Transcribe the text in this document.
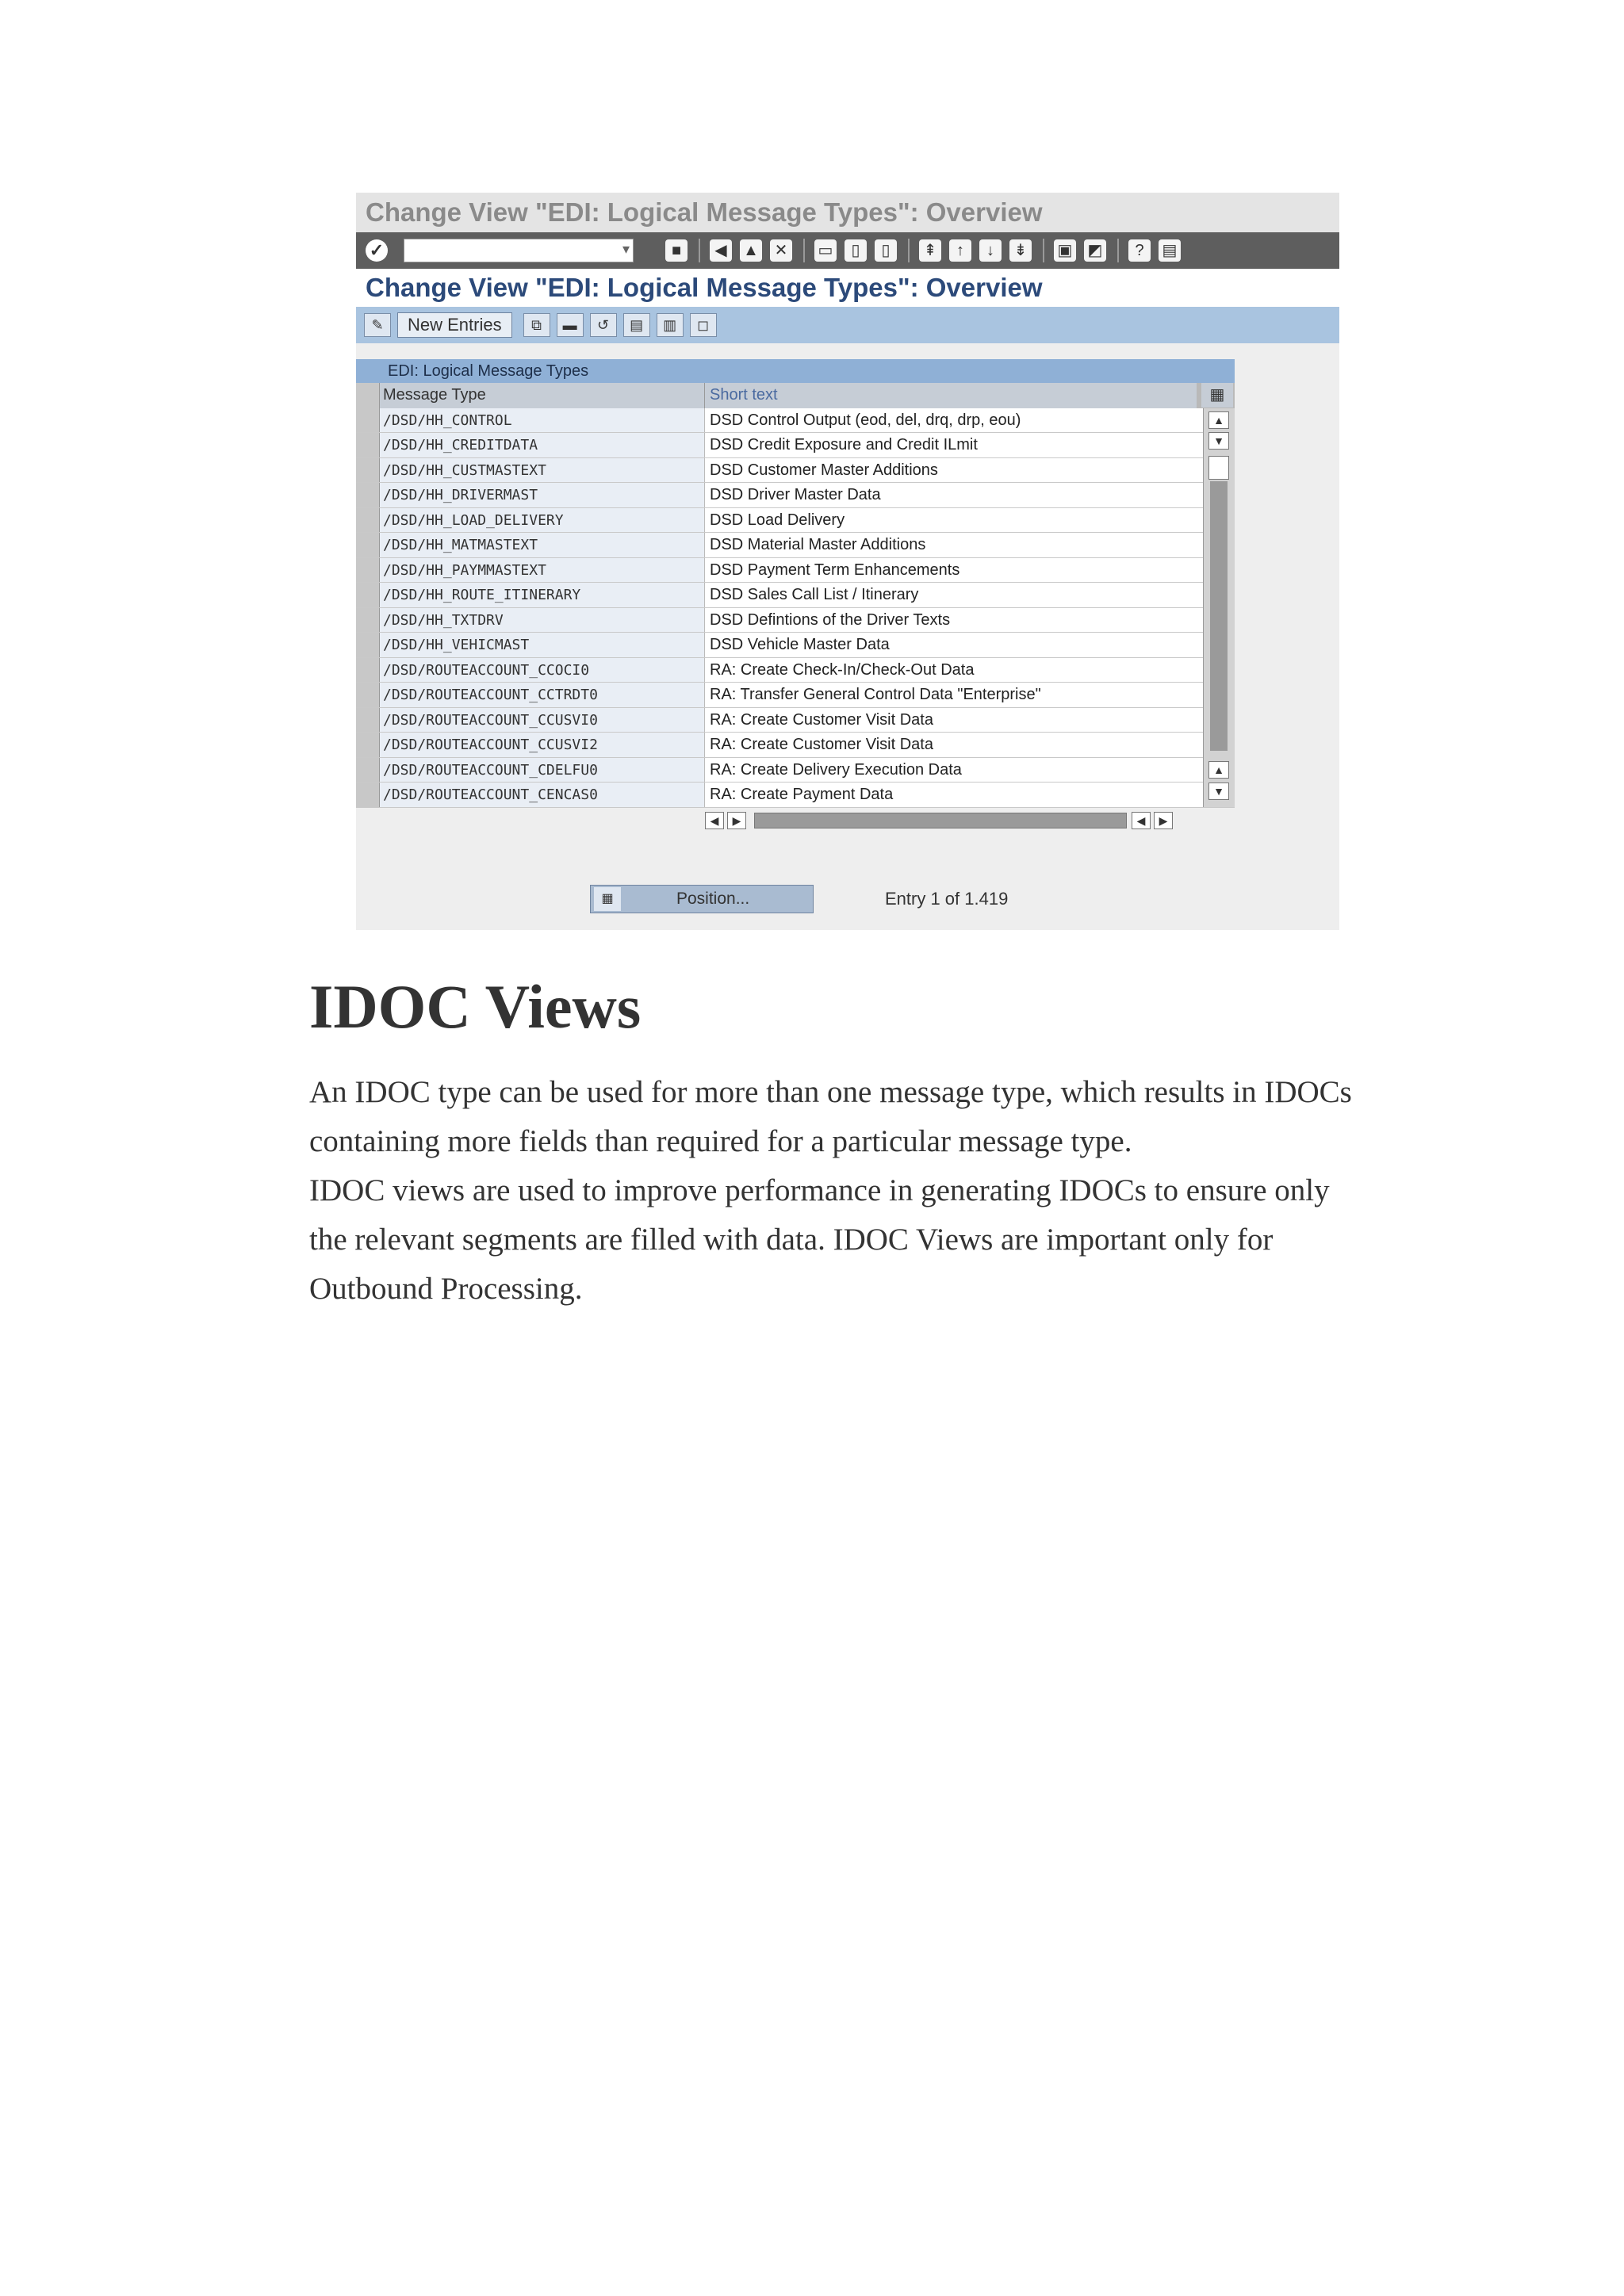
Change View "EDI: Logical Message Types": Overview
✓	▾	■	◀	▲ ✕ ▭	▯	▯	⇞	↑	↓	⇟ ▣ ◩	?	▤
Change View "EDI: Logical Message Types": Overview
✎	New Entries	⧉	▬	↺	▤	▥	◻
EDI: Logical Message Types
Message Type	Short text
/DSD/HH_CONTROL	DSD Control Output (eod, del, drq, drp, eou)
/DSD/HH_CREDITDATA	DSD Credit Exposure and Credit ILmit
/DSD/HH_CUSTMASTEXT	DSD Customer Master Additions
/DSD/HH_DRIVERMAST	DSD Driver Master Data
/DSD/HH_LOAD_DELIVERY	DSD Load Delivery
/DSD/HH_MATMASTEXT	DSD Material Master Additions
/DSD/HH_PAYMMASTEXT	DSD Payment Term Enhancements
/DSD/HH_ROUTE_ITINERARY	DSD Sales Call List / Itinerary
/DSD/HH_TXTDRV	DSD Defintions of the Driver Texts
/DSD/HH_VEHICMAST	DSD Vehicle Master Data
/DSD/ROUTEACCOUNT_CCOCI0	RA: Create Check-In/Check-Out Data
/DSD/ROUTEACCOUNT_CCTRDT0	RA: Transfer General Control Data "Enterprise"
/DSD/ROUTEACCOUNT_CCUSVI0	RA: Create Customer Visit Data
/DSD/ROUTEACCOUNT_CCUSVI2	RA: Create Customer Visit Data
/DSD/ROUTEACCOUNT_CDELFU0	RA: Create Delivery Execution Data
/DSD/ROUTEACCOUNT_CENCAS0	RA: Create Payment Data
▦
▲
▼
▲
▼
◀	▶	◀	▶
▦	Position...	Entry 1 of 1.419
IDOC Views

An IDOC type can be used for more than one message type, which results in IDOCs containing more fields than required for a particular message type.

IDOC views are used to improve performance in generating IDOCs to ensure only the relevant segments are filled with data. IDOC Views are important only for Outbound Processing.
